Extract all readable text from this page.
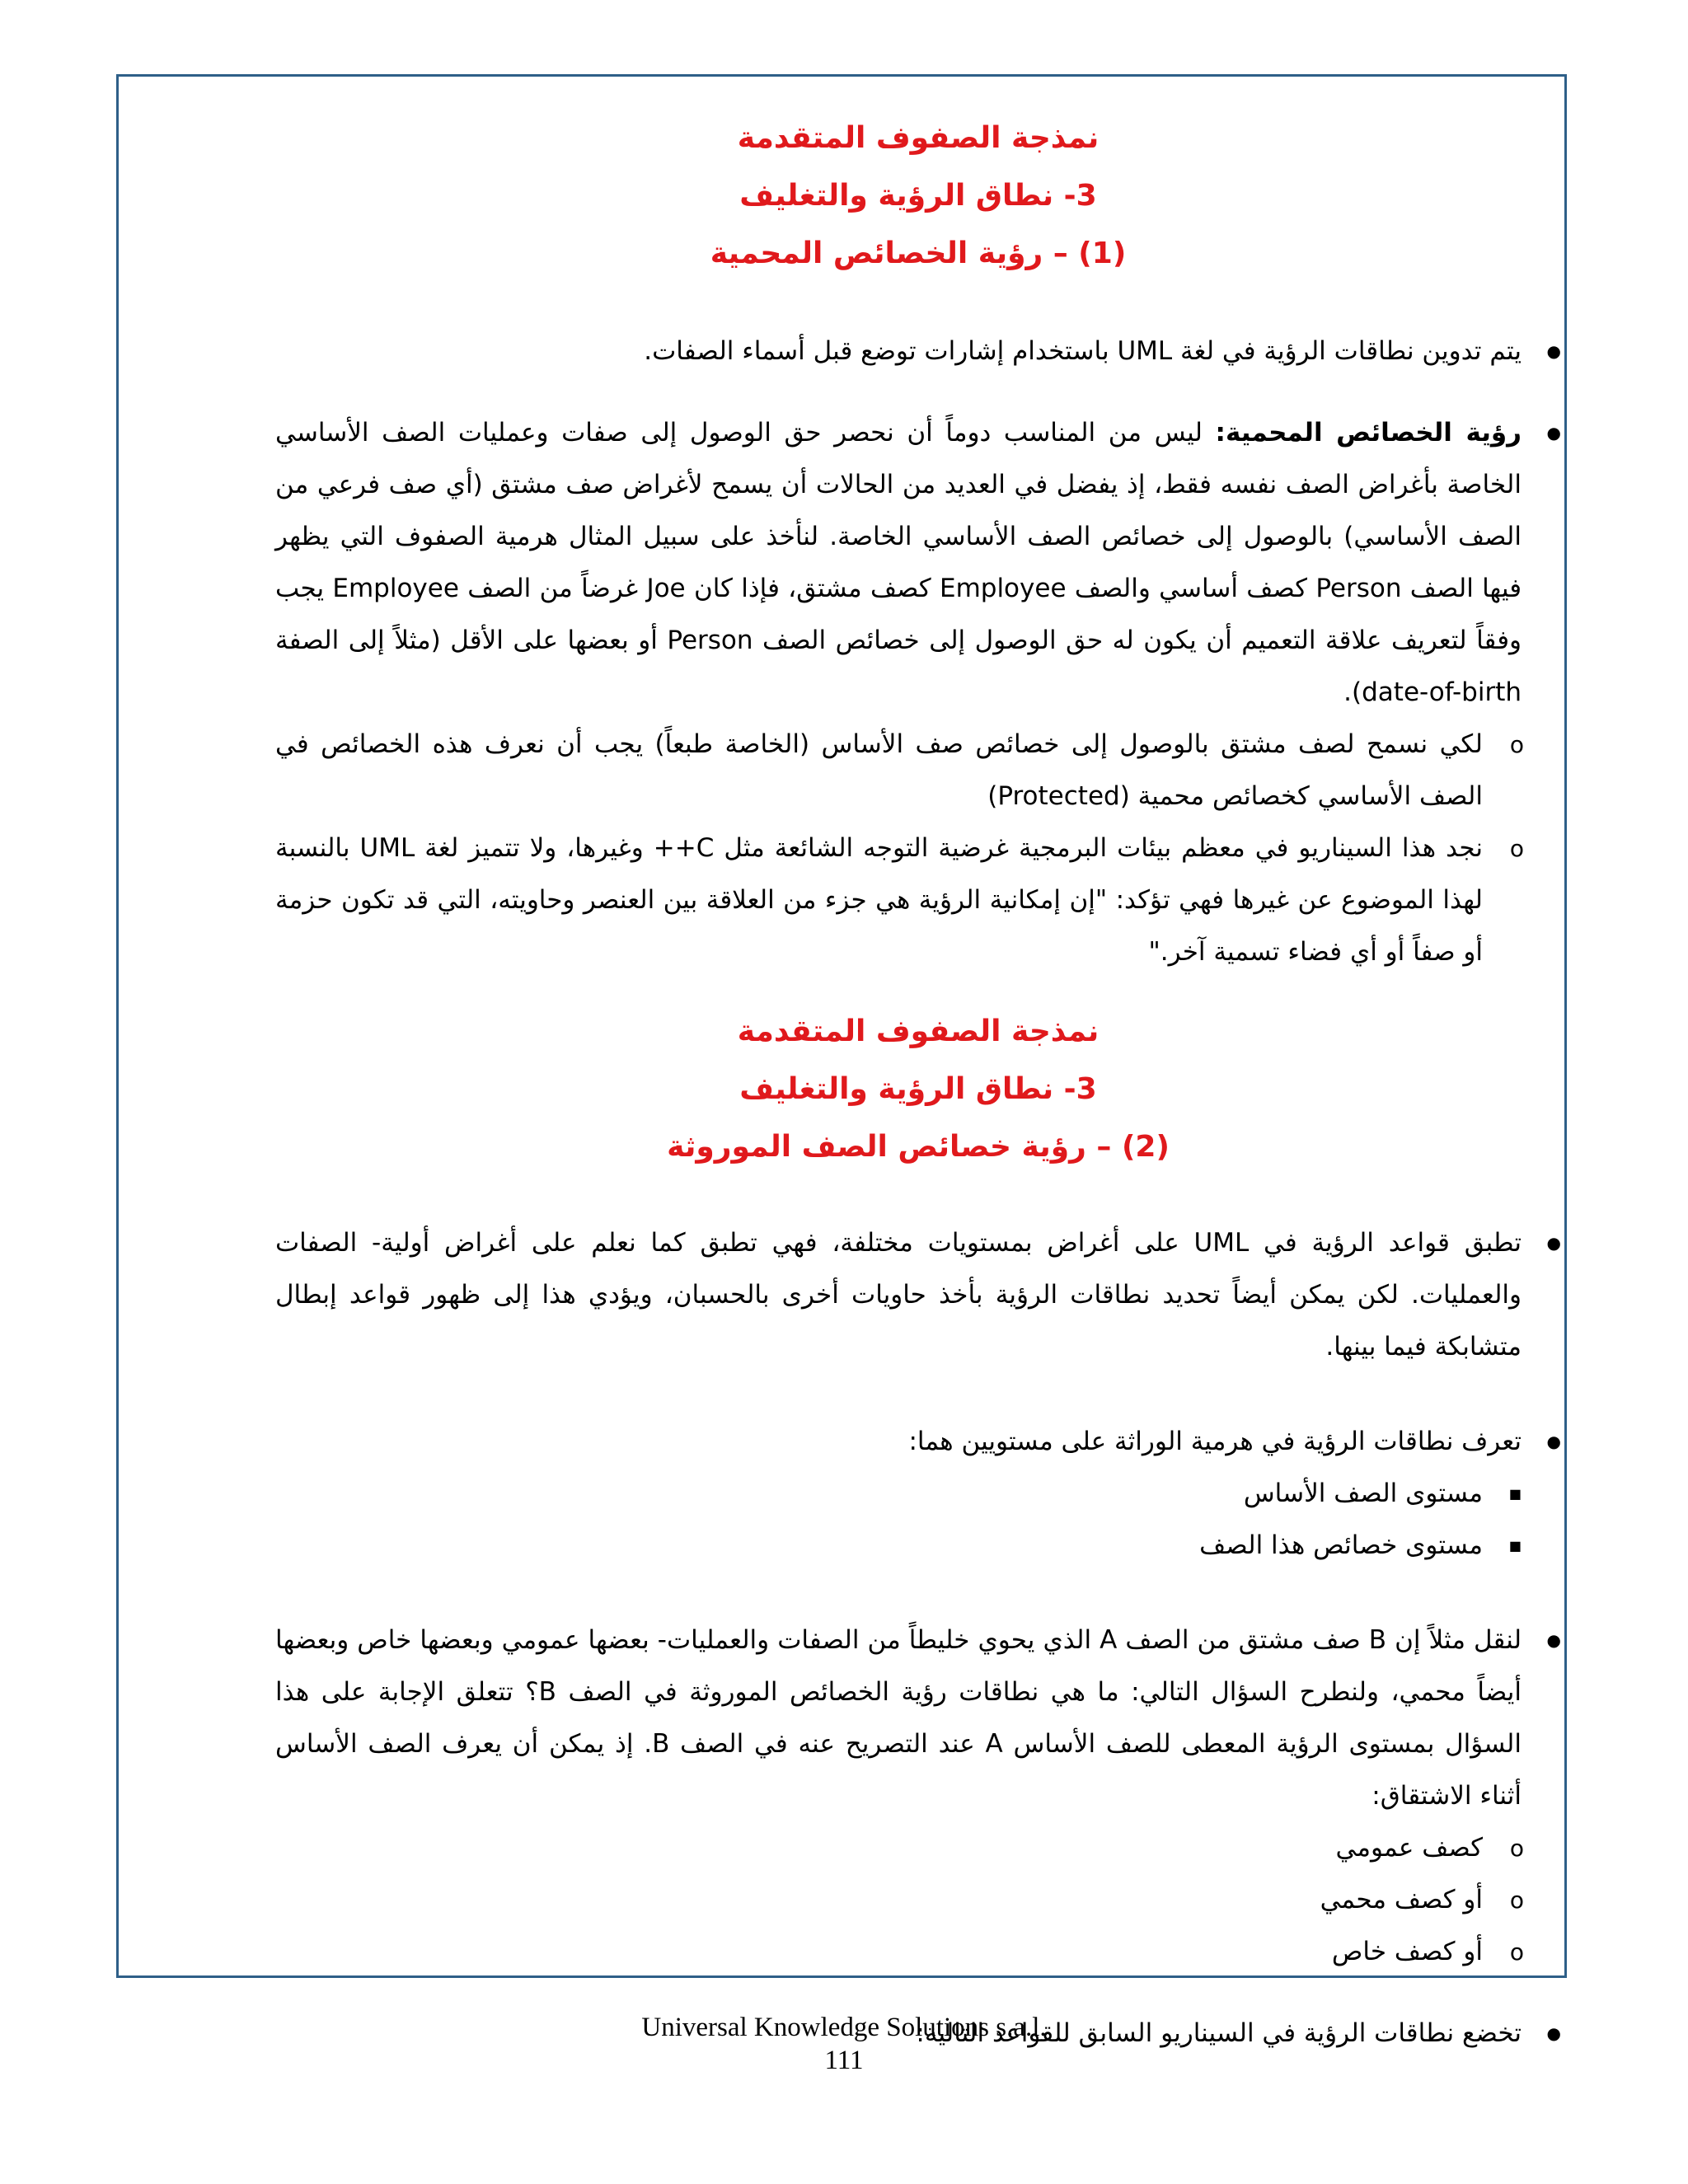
نمذجة الصفوف المتقدمة

3- نطاق الرؤية والتغليف

(1) – رؤية الخصائص المحمية

● يتم تدوين نطاقات الرؤية في لغة UML باستخدام إشارات توضع قبل أسماء الصفات.

● رؤية الخصائص المحمية: ليس من المناسب دوماً أن نحصر حق الوصول إلى صفات وعمليات الصف الأساسي الخاصة بأغراض الصف نفسه فقط، إذ يفضل في العديد من الحالات أن يسمح لأغراض صف مشتق (أي صف فرعي من الصف الأساسي) بالوصول إلى خصائص الصف الأساسي الخاصة. لنأخذ على سبيل المثال هرمية الصفوف التي يظهر فيها الصف Person كصف أساسي والصف Employee كصف مشتق، فإذا كان Joe غرضاً من الصف Employee يجب وفقاً لتعريف علاقة التعميم أن يكون له حق الوصول إلى خصائص الصف Person أو بعضها على الأقل (مثلاً إلى الصفة date-of-birth).

o لكي نسمح لصف مشتق بالوصول إلى خصائص صف الأساس (الخاصة طبعاً) يجب أن نعرف هذه الخصائص في الصف الأساسي كخصائص محمية (Protected)

o نجد هذا السيناريو في معظم بيئات البرمجية غرضية التوجه الشائعة مثل C++ وغيرها، ولا تتميز لغة UML بالنسبة لهذا الموضوع عن غيرها فهي تؤكد: "إن إمكانية الرؤية هي جزء من العلاقة بين العنصر وحاويته، التي قد تكون حزمة أو صفاً أو أي فضاء تسمية آخر."

نمذجة الصفوف المتقدمة

3- نطاق الرؤية والتغليف

(2) – رؤية خصائص الصف الموروثة

● تطبق قواعد الرؤية في UML على أغراض بمستويات مختلفة، فهي تطبق كما نعلم على أغراض أولية- الصفات والعمليات. لكن يمكن أيضاً تحديد نطاقات الرؤية بأخذ حاويات أخرى بالحسبان، ويؤدي هذا إلى ظهور قواعد إبطال متشابكة فيما بينها.

● تعرف نطاقات الرؤية في هرمية الوراثة على مستويين هما:

■ مستوى الصف الأساس

■ مستوى خصائص هذا الصف

● لنقل مثلاً إن B صف مشتق من الصف A الذي يحوي خليطاً من الصفات والعمليات- بعضها عمومي وبعضها خاص وبعضها أيضاً محمي، ولنطرح السؤال التالي: ما هي نطاقات رؤية الخصائص الموروثة في الصف B؟ تتعلق الإجابة على هذا السؤال بمستوى الرؤية المعطى للصف الأساس A عند التصريح عنه في الصف B. إذ يمكن أن يعرف الصف الأساس أثناء الاشتقاق:

o كصف عمومي

o أو كصف محمي

o أو كصف خاص

● تخضع نطاقات الرؤية في السيناريو السابق للقواعد التالية:

Universal Knowledge Solutions s.a.l.
111
